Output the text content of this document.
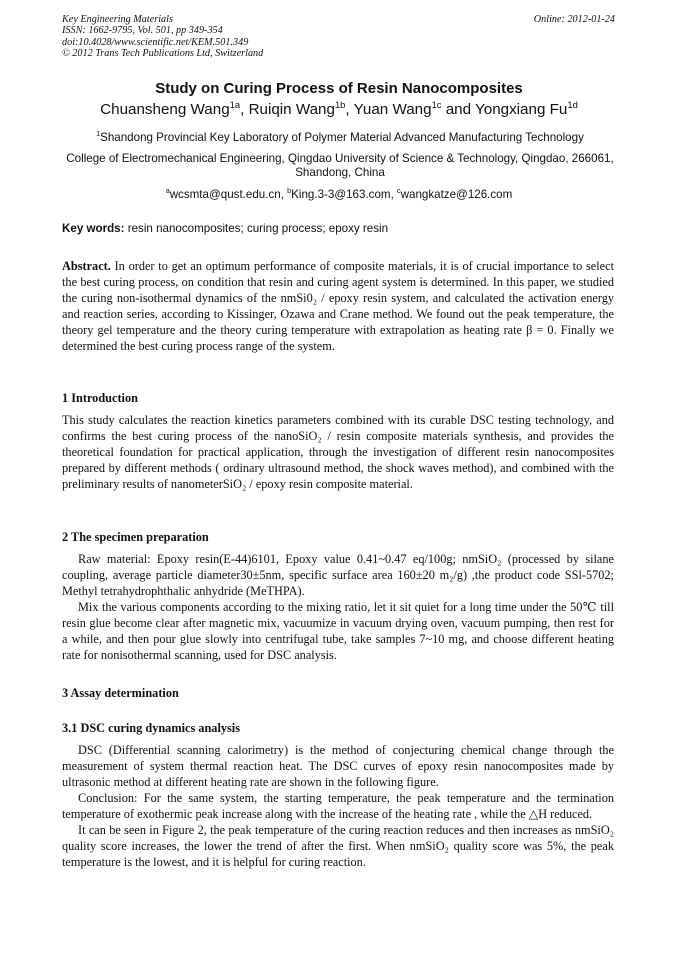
Key Engineering Materials
ISSN: 1662-9795, Vol. 501, pp 349-354
doi:10.4028/www.scientific.net/KEM.501.349
© 2012 Trans Tech Publications Ltd, Switzerland
Online: 2012-01-24
Study on Curing Process of Resin Nanocomposites
Chuansheng Wang$^{1a}$, Ruiqin Wang$^{1b}$, Yuan Wang$^{1c}$ and Yongxiang $Fu^{1d}$
$^1$Shandong Provincial Key Laboratory of Polymer Material Advanced Manufacturing Technology
College of Electromechanical Engineering, Qingdao University of Science & Technology, Qingdao, 266061, Shandong, China
$^a$wcsmta@qust.edu.cn, $^b$King.3-3@163.com, $^c$wangkatze@126.com
Key words: resin nanocomposites; curing process; epoxy resin

Abstract. In order to get an optimum performance of composite materials, it is of crucial importance to select the best curing process, on condition that resin and curing agent system is determined. In this paper, we studied the curing non-isothermal dynamics of the nmSi0₂ / epoxy resin system, and calculated the activation energy and reaction series, according to Kissinger, Ozawa and Crane method. We found out the peak temperature, the theory gel temperature and the theory curing temperature with extrapolation as heating rate β = 0. Finally we determined the best curing process range of the system.

1 Introduction

This study calculates the reaction kinetics parameters combined with its curable DSC testing technology, and confirms the best curing process of the nanoSiO₂ / resin composite materials synthesis, and provides the theoretical foundation for practical application, through the investigation of different resin nanocomposites prepared by different methods ( ordinary ultrasound method, the shock waves method), and combined with the preliminary results of nanometerSiO₂ / epoxy resin composite material.

2 The specimen preparation

Raw material: Epoxy resin(E-44)6101, Epoxy value 0.41~0.47 eq/100g; nmSiO₂ (processed by silane coupling, average particle diameter30±5nm, specific surface area 160±20 m₂/g) ,the product code SSl-5702; Methyl tetrahydrophthalic anhydride (MeTHPA).

Mix the various components according to the mixing ratio, let it sit quiet for a long time under the 50℃ till resin glue become clear after magnetic mix, vacuumize in vacuum drying oven, vacuum pumping, then rest for a while, and then pour glue slowly into centrifugal tube, take samples 7~10 mg, and choose different heating rate for nonisothermal scanning, used for DSC analysis.

3 Assay determination
3.1 DSC curing dynamics analysis

DSC (Differential scanning calorimetry) is the method of conjecturing chemical change through the measurement of system thermal reaction heat. The DSC curves of epoxy resin nanocomposites made by ultrasonic method at different heating rate are shown in the following figure.

Conclusion: For the same system, the starting temperature, the peak temperature and the termination temperature of exothermic peak increase along with the increase of the heating rate , while the △H reduced.

It can be seen in Figure 2, the peak temperature of the curing reaction reduces and then increases as nmSiO₂ quality score increases, the lower the trend of after the first. When nmSiO₂ quality score was 5%, the peak temperature is the lowest, and it is helpful for curing reaction.
